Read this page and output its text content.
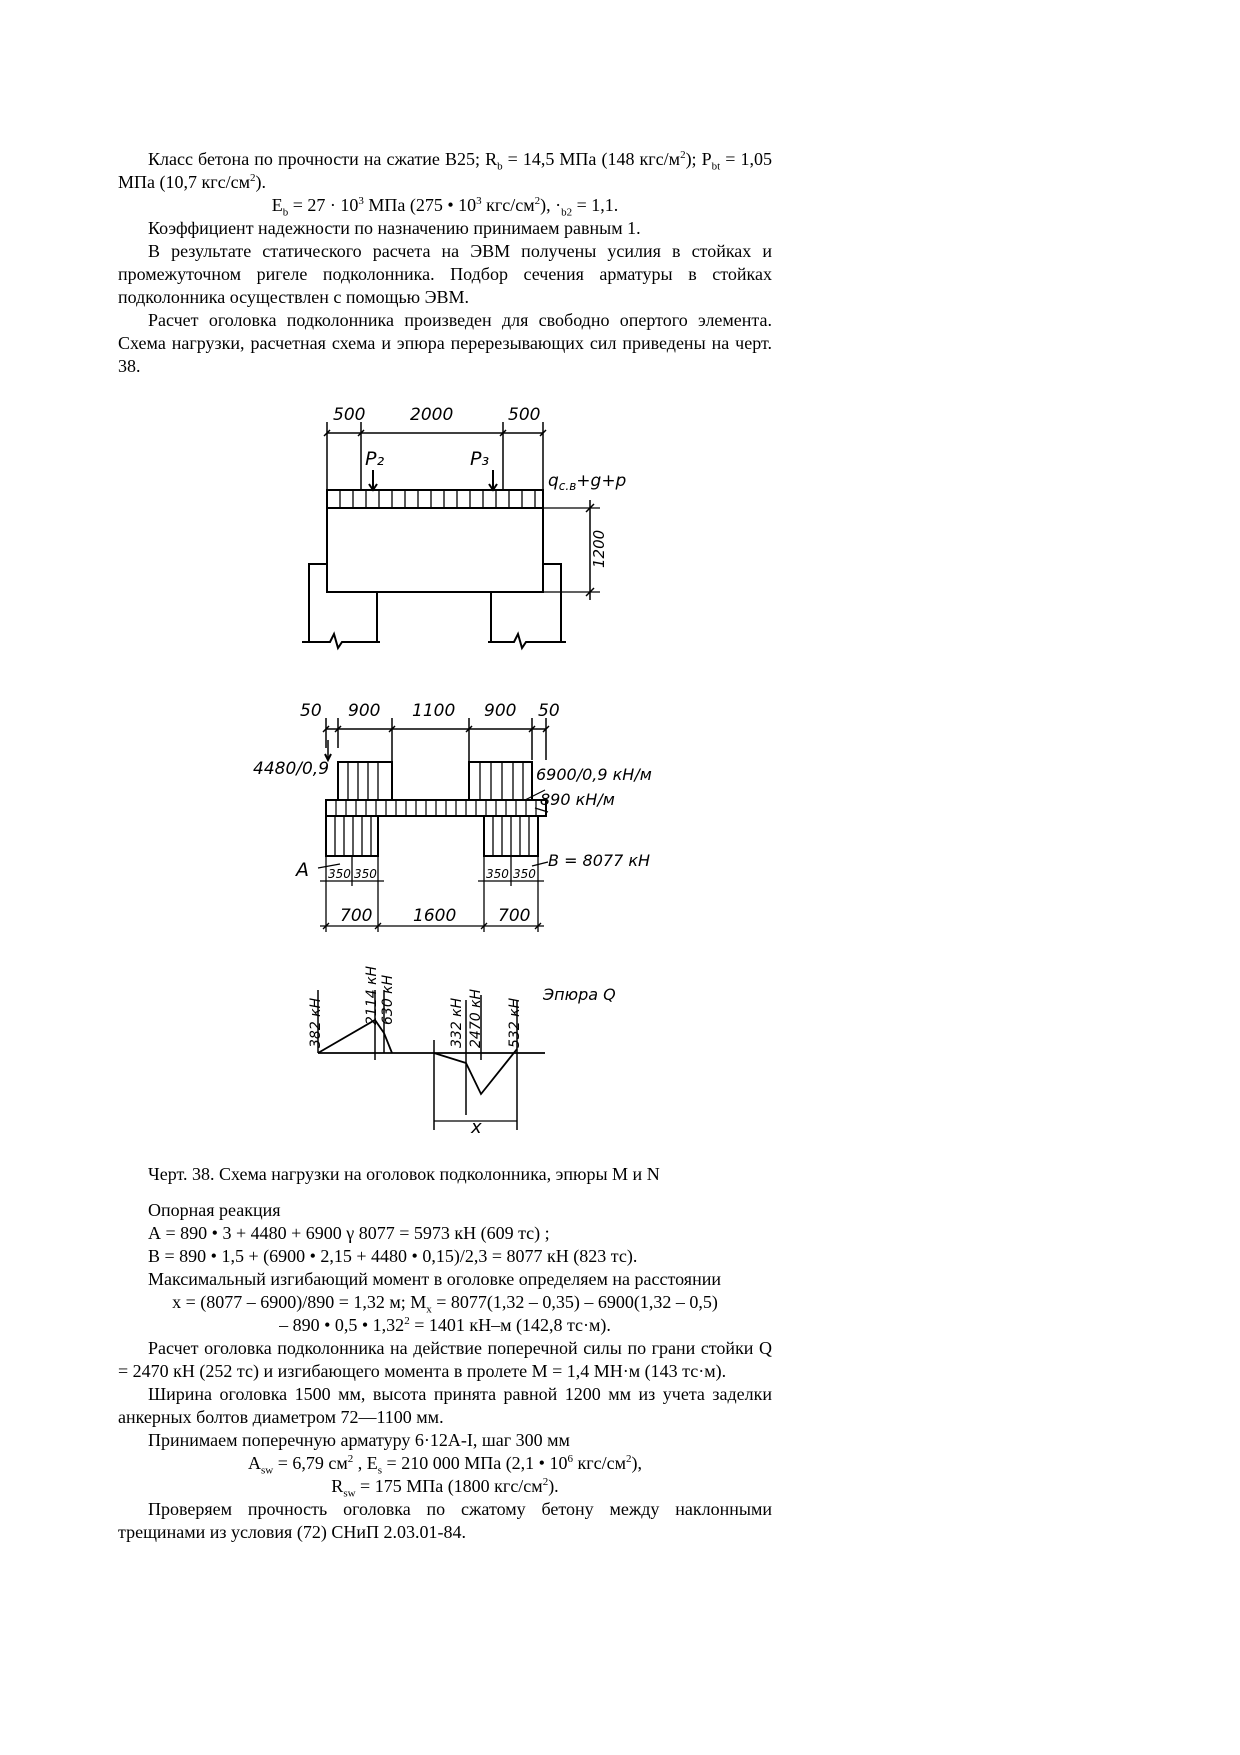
Класс бетона по прочности на сжатие В25; $R_b = 14,5$ МПа (148 кгс/$м^2$); $P_{bt} = 1,05$ МПа (10,7 кгс/$см^2$).

$E_b = 27 \cdot 10^3$ МПа (275 • $10^3$ кгс/$см^2$), $\cdot_{b2} = 1,1$.

Коэффициент надежности по назначению принимаем равным 1.

В результате статического расчета на ЭВМ получены усилия в стойках и промежуточном ригеле подколонника. Подбор сечения арматуры в стойках подколонника осуществлен с помощью ЭВМ.

Расчет оголовка подколонника произведен для свободно опертого элемента. Схема нагрузки, расчетная схема и эпюра перерезывающих сил приведены на черт. 38.

500	2000	500
P₂	P₃
$q_{с.в}+g+p$
1200
50 900 1100 900 50
4480/0,9	6900/0,9 кН/м
890 кН/м
A	B = 8077 кН
350 350	350 350
700 1600 700
Эпюра Q
382 кН	2114 кН 630 кН	332 кН 2470 кН 532 кН
x

Черт. 38. Схема нагрузки на оголовок подколонника, эпюры М и N

Опорная реакция

А = 890 • 3 + 4480 + 6900 γ 8077 = 5973 кН (609 тс) ;

В = 890 • 1,5 + (6900 • 2,15 + 4480 • 0,15)/2,3 = 8077 кН (823 тс).

Максимальный изгибающий момент в оголовке определяем на расстоянии

x = (8077 – 6900)/890 = 1,32 м; $M_x = 8077(1,32 - 0,35) - 6900(1,32 - 0,5)$

– 890 • 0,5 • $1,32^2 = 1401$ кН–м (142,8 тс·м).

Расчет оголовка подколонника на действие поперечной силы по грани стойки Q = 2470 кН (252 тс) и изгибающего момента в пролете М = 1,4 МН·м (143 тс·м).

Ширина оголовка 1500 мм, высота принята равной 1200 мм из учета заделки анкерных болтов диаметром 72—1100 мм.

Принимаем поперечную арматуру 6·12А-I, шаг 300 мм

$A_{sw} = 6,79$ $см^2$ , $E_s = 210$ 000 МПа (2,1 • $10^6$ кгс/$см^2$),

$R_{sw} = 175$ МПа (1800 кгс/$см^2$).

Проверяем прочность оголовка по сжатому бетону между наклонными трещинами из условия (72) СНиП 2.03.01-84.
